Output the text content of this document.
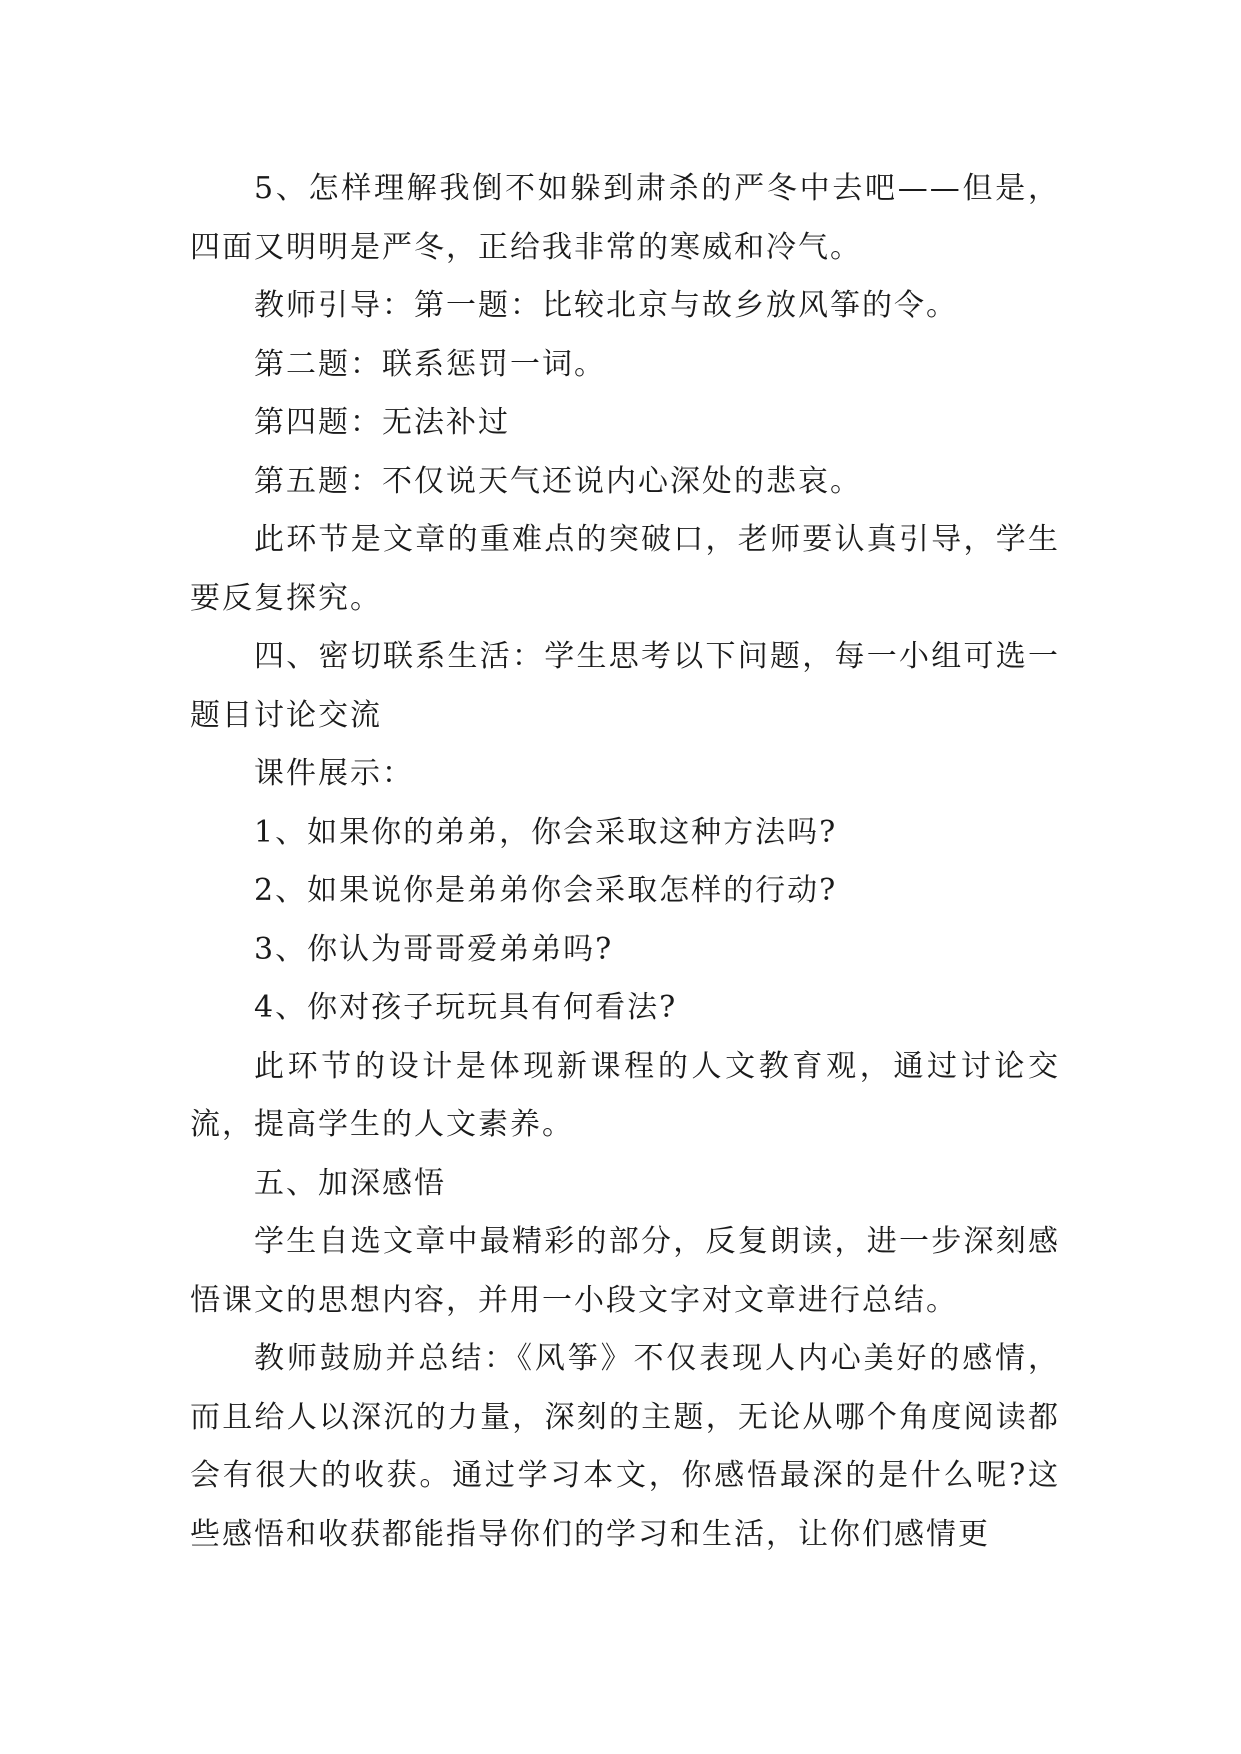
5、怎样理解我倒不如躲到肃杀的严冬中去吧——但是，四面又明明是严冬，正给我非常的寒威和冷气。

教师引导：第一题：比较北京与故乡放风筝的令。

第二题：联系惩罚一词。

第四题：无法补过

第五题：不仅说天气还说内心深处的悲哀。

此环节是文章的重难点的突破口，老师要认真引导，学生要反复探究。

四、密切联系生活：学生思考以下问题，每一小组可选一题目讨论交流

课件展示：

1、如果你的弟弟，你会采取这种方法吗?

2、如果说你是弟弟你会采取怎样的行动?

3、你认为哥哥爱弟弟吗?

4、你对孩子玩玩具有何看法?

此环节的设计是体现新课程的人文教育观，通过讨论交流，提高学生的人文素养。

五、加深感悟

学生自选文章中最精彩的部分，反复朗读，进一步深刻感悟课文的思想内容，并用一小段文字对文章进行总结。

教师鼓励并总结：《风筝》不仅表现人内心美好的感情，而且给人以深沉的力量，深刻的主题，无论从哪个角度阅读都会有很大的收获。通过学习本文，你感悟最深的是什么呢?这些感悟和收获都能指导你们的学习和生活，让你们感情更
